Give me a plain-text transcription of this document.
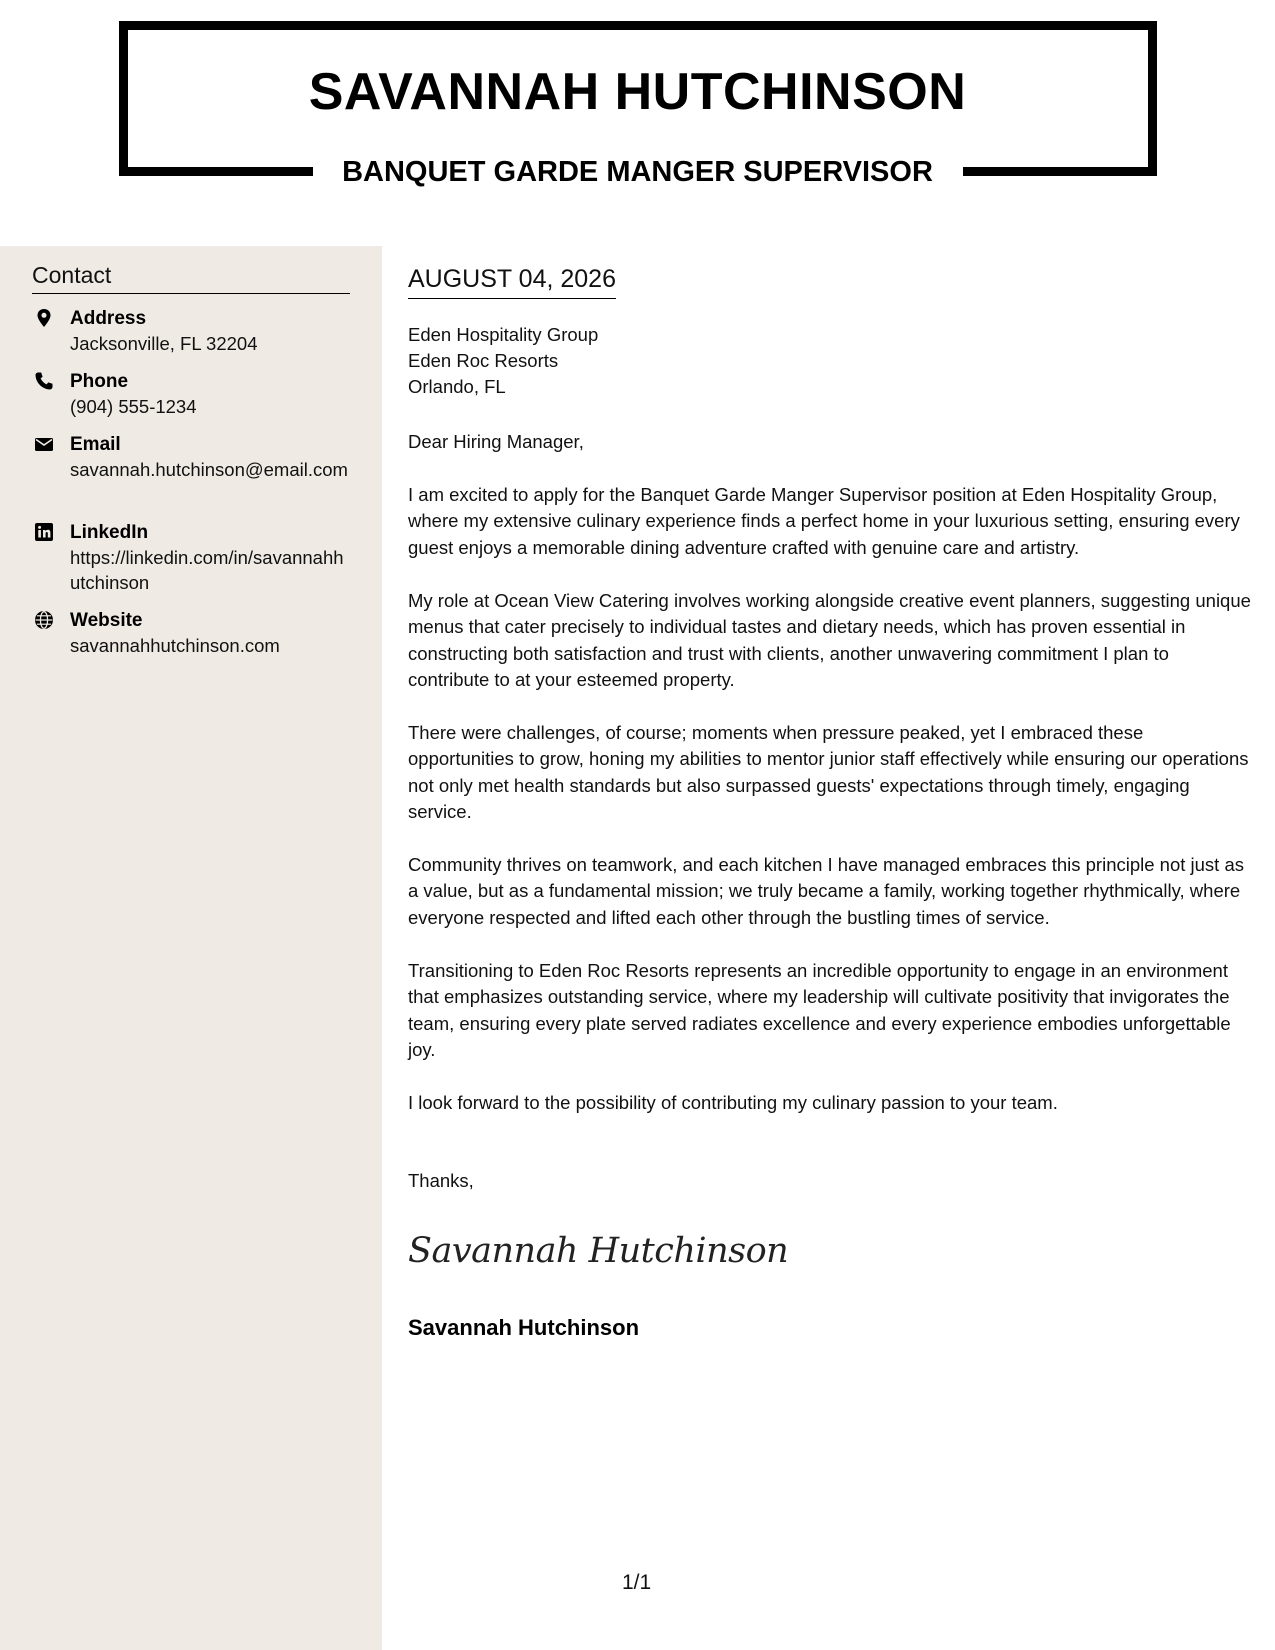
SAVANNAH HUTCHINSON
BANQUET GARDE MANGER SUPERVISOR
Contact
Address
Jacksonville, FL 32204
Phone
(904) 555-1234
Email
savannah.hutchinson@email.com
LinkedIn
https://linkedin.com/in/savannahhutchinson
Website
savannahhutchinson.com
AUGUST 04, 2026
Eden Hospitality Group
Eden Roc Resorts
Orlando, FL

Dear Hiring Manager,

I am excited to apply for the Banquet Garde Manger Supervisor position at Eden Hospitality Group, where my extensive culinary experience finds a perfect home in your luxurious setting, ensuring every guest enjoys a memorable dining adventure crafted with genuine care and artistry.

My role at Ocean View Catering involves working alongside creative event planners, suggesting unique menus that cater precisely to individual tastes and dietary needs, which has proven essential in constructing both satisfaction and trust with clients, another unwavering commitment I plan to contribute to at your esteemed property.

There were challenges, of course; moments when pressure peaked, yet I embraced these opportunities to grow, honing my abilities to mentor junior staff effectively while ensuring our operations not only met health standards but also surpassed guests' expectations through timely, engaging service.

Community thrives on teamwork, and each kitchen I have managed embraces this principle not just as a value, but as a fundamental mission; we truly became a family, working together rhythmically, where everyone respected and lifted each other through the bustling times of service.

Transitioning to Eden Roc Resorts represents an incredible opportunity to engage in an environment that emphasizes outstanding service, where my leadership will cultivate positivity that invigorates the team, ensuring every plate served radiates excellence and every experience embodies unforgettable joy.

I look forward to the possibility of contributing my culinary passion to your team.

Thanks,

Savannah Hutchinson
Savannah Hutchinson
1/1
